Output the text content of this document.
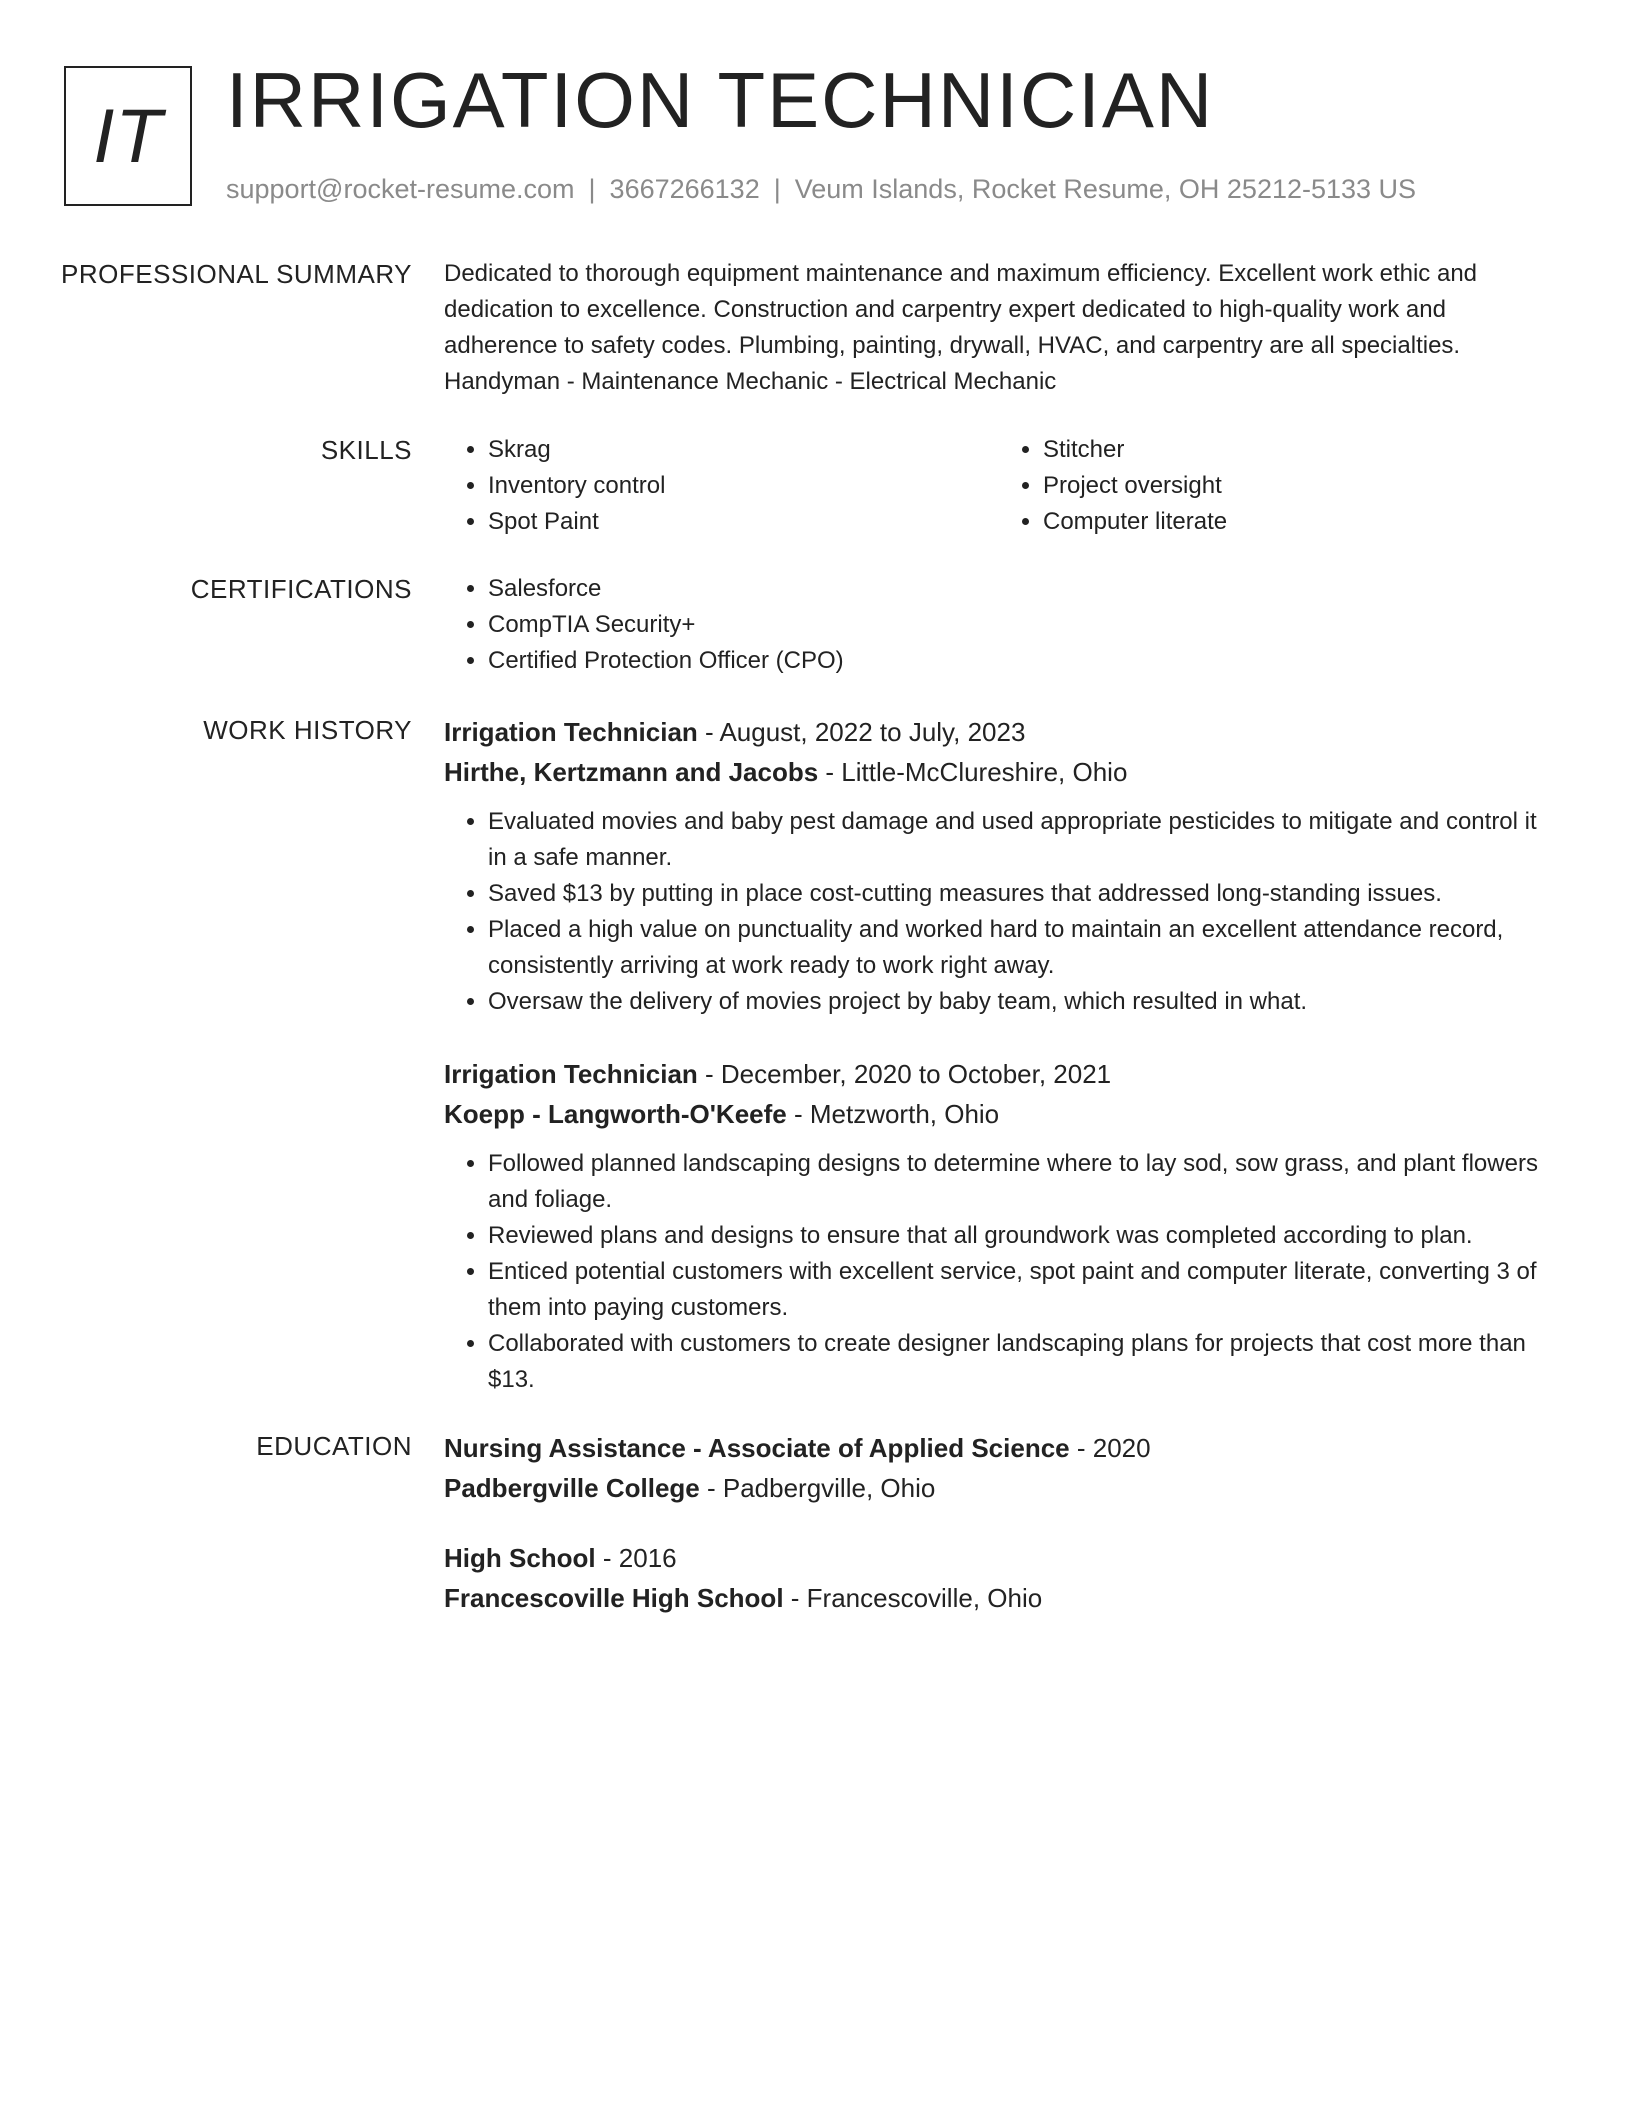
IT IRRIGATION TECHNICIAN
support@rocket-resume.com | 3667266132 | Veum Islands, Rocket Resume, OH 25212-5133 US
PROFESSIONAL SUMMARY Dedicated to thorough equipment maintenance and maximum efficiency. Excellent work ethic and dedication to excellence. Construction and carpentry expert dedicated to high-quality work and adherence to safety codes. Plumbing, painting, drywall, HVAC, and carpentry are all specialties. Handyman - Maintenance Mechanic - Electrical Mechanic

SKILLS	• Skrag
• Inventory control
• Spot Paint
• Stitcher
• Project oversight
• Computer literate
CERTIFICATIONS	• Salesforce
• CompTIA Security+
• Certified Protection Officer (CPO)
WORK HISTORY Irrigation Technician - August, 2022 to July, 2023
Hirthe, Kertzmann and Jacobs - Little-McClureshire, Ohio
• Evaluated movies and baby pest damage and used appropriate pesticides to mitigate and control it in a safe manner.
• Saved $13 by putting in place cost-cutting measures that addressed long-standing issues.
• Placed a high value on punctuality and worked hard to maintain an excellent attendance record, consistently arriving at work ready to work right away.
• Oversaw the delivery of movies project by baby team, which resulted in what.
Irrigation Technician - December, 2020 to October, 2021
Koepp - Langworth-O'Keefe - Metzworth, Ohio
• Followed planned landscaping designs to determine where to lay sod, sow grass, and plant flowers and foliage.
• Reviewed plans and designs to ensure that all groundwork was completed according to plan.
• Enticed potential customers with excellent service, spot paint and computer literate, converting 3 of them into paying customers.
• Collaborated with customers to create designer landscaping plans for projects that cost more than $13.
EDUCATION Nursing Assistance - Associate of Applied Science - 2020
Padbergville College - Padbergville, Ohio
High School - 2016
Francescoville High School - Francescoville, Ohio
